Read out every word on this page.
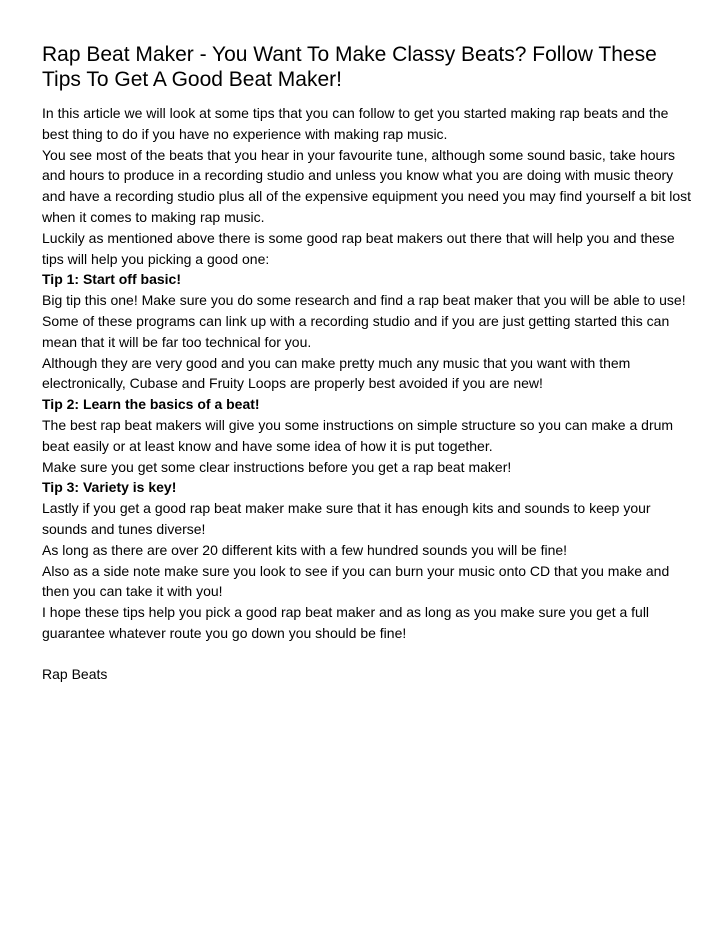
Rap Beat Maker - You Want To Make Classy Beats? Follow These Tips To Get A Good Beat Maker!

In this article we will look at some tips that you can follow to get you started making rap beats and the best thing to do if you have no experience with making rap music.

You see most of the beats that you hear in your favourite tune, although some sound basic, take hours and hours to produce in a recording studio and unless you know what you are doing with music theory and have a recording studio plus all of the expensive equipment you need you may find yourself a bit lost when it comes to making rap music.

Luckily as mentioned above there is some good rap beat makers out there that will help you and these tips will help you picking a good one:

Tip 1: Start off basic!

Big tip this one! Make sure you do some research and find a rap beat maker that you will be able to use! Some of these programs can link up with a recording studio and if you are just getting started this can mean that it will be far too technical for you.

Although they are very good and you can make pretty much any music that you want with them electronically, Cubase and Fruity Loops are properly best avoided if you are new!

Tip 2: Learn the basics of a beat!

The best rap beat makers will give you some instructions on simple structure so you can make a drum beat easily or at least know and have some idea of how it is put together.

Make sure you get some clear instructions before you get a rap beat maker!

Tip 3: Variety is key!

Lastly if you get a good rap beat maker make sure that it has enough kits and sounds to keep your sounds and tunes diverse!

As long as there are over 20 different kits with a few hundred sounds you will be fine!

Also as a side note make sure you look to see if you can burn your music onto CD that you make and then you can take it with you!

I hope these tips help you pick a good rap beat maker and as long as you make sure you get a full guarantee whatever route you go down you should be fine!

Rap Beats
